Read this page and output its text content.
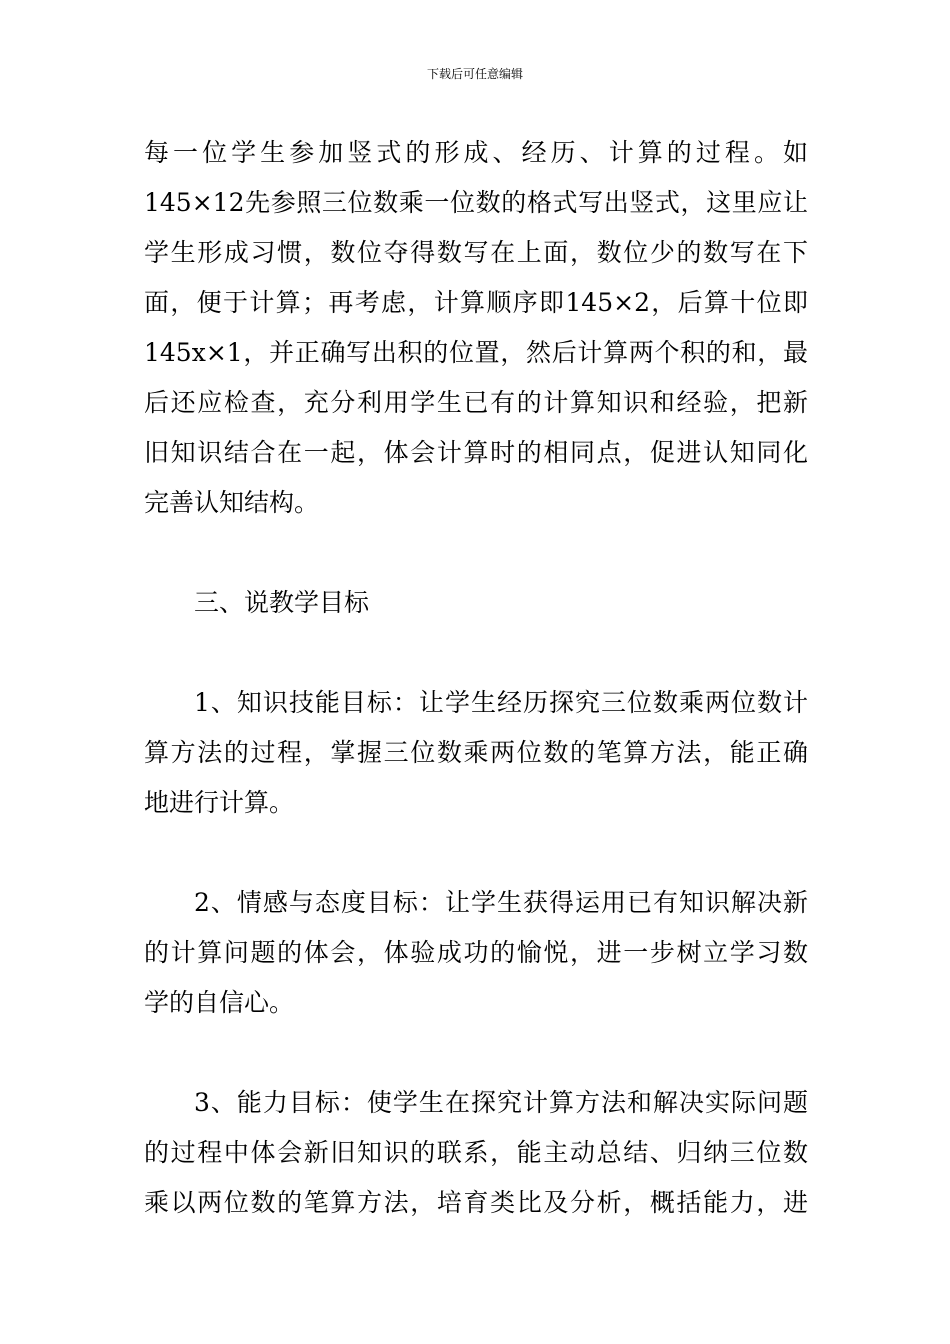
下载后可任意编辑
每一位学生参加竖式的形成、经历、计算的过程。如
145×12先参照三位数乘一位数的格式写出竖式，这里应让
学生形成习惯，数位夺得数写在上面，数位少的数写在下
面，便于计算；再考虑，计算顺序即145×2，后算十位即
145x×1，并正确写出积的位置，然后计算两个积的和，最
后还应检查，充分利用学生已有的计算知识和经验，把新
旧知识结合在一起，体会计算时的相同点，促进认知同化
完善认知结构。
三、说教学目标
1、知识技能目标：让学生经历探究三位数乘两位数计
算方法的过程，掌握三位数乘两位数的笔算方法，能正确
地进行计算。
2、情感与态度目标：让学生获得运用已有知识解决新
的计算问题的体会，体验成功的愉悦，进一步树立学习数
学的自信心。
3、能力目标：使学生在探究计算方法和解决实际问题
的过程中体会新旧知识的联系，能主动总结、归纳三位数
乘以两位数的笔算方法，培育类比及分析，概括能力，进
